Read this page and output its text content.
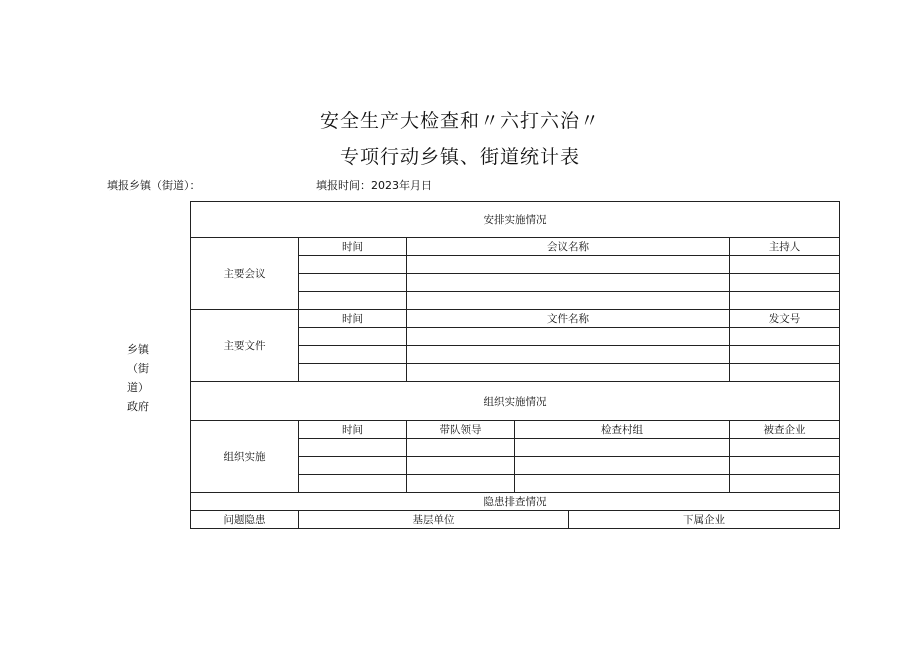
安全生产大检查和〃六打六治〃
专项行动乡镇、街道统计表
填报乡镇（街道）：	填报时间：2023年月日
乡镇
（街
道）
政府
安排实施情况					
主要会议	时间	会议名称			主持人

主要文件	时间	文件名称			发文号

组织实施情况					
组织实施	时间	带队领导	检查村组		被查企业

隐患排查情况					
问题隐患	基层单位			下属企业	
